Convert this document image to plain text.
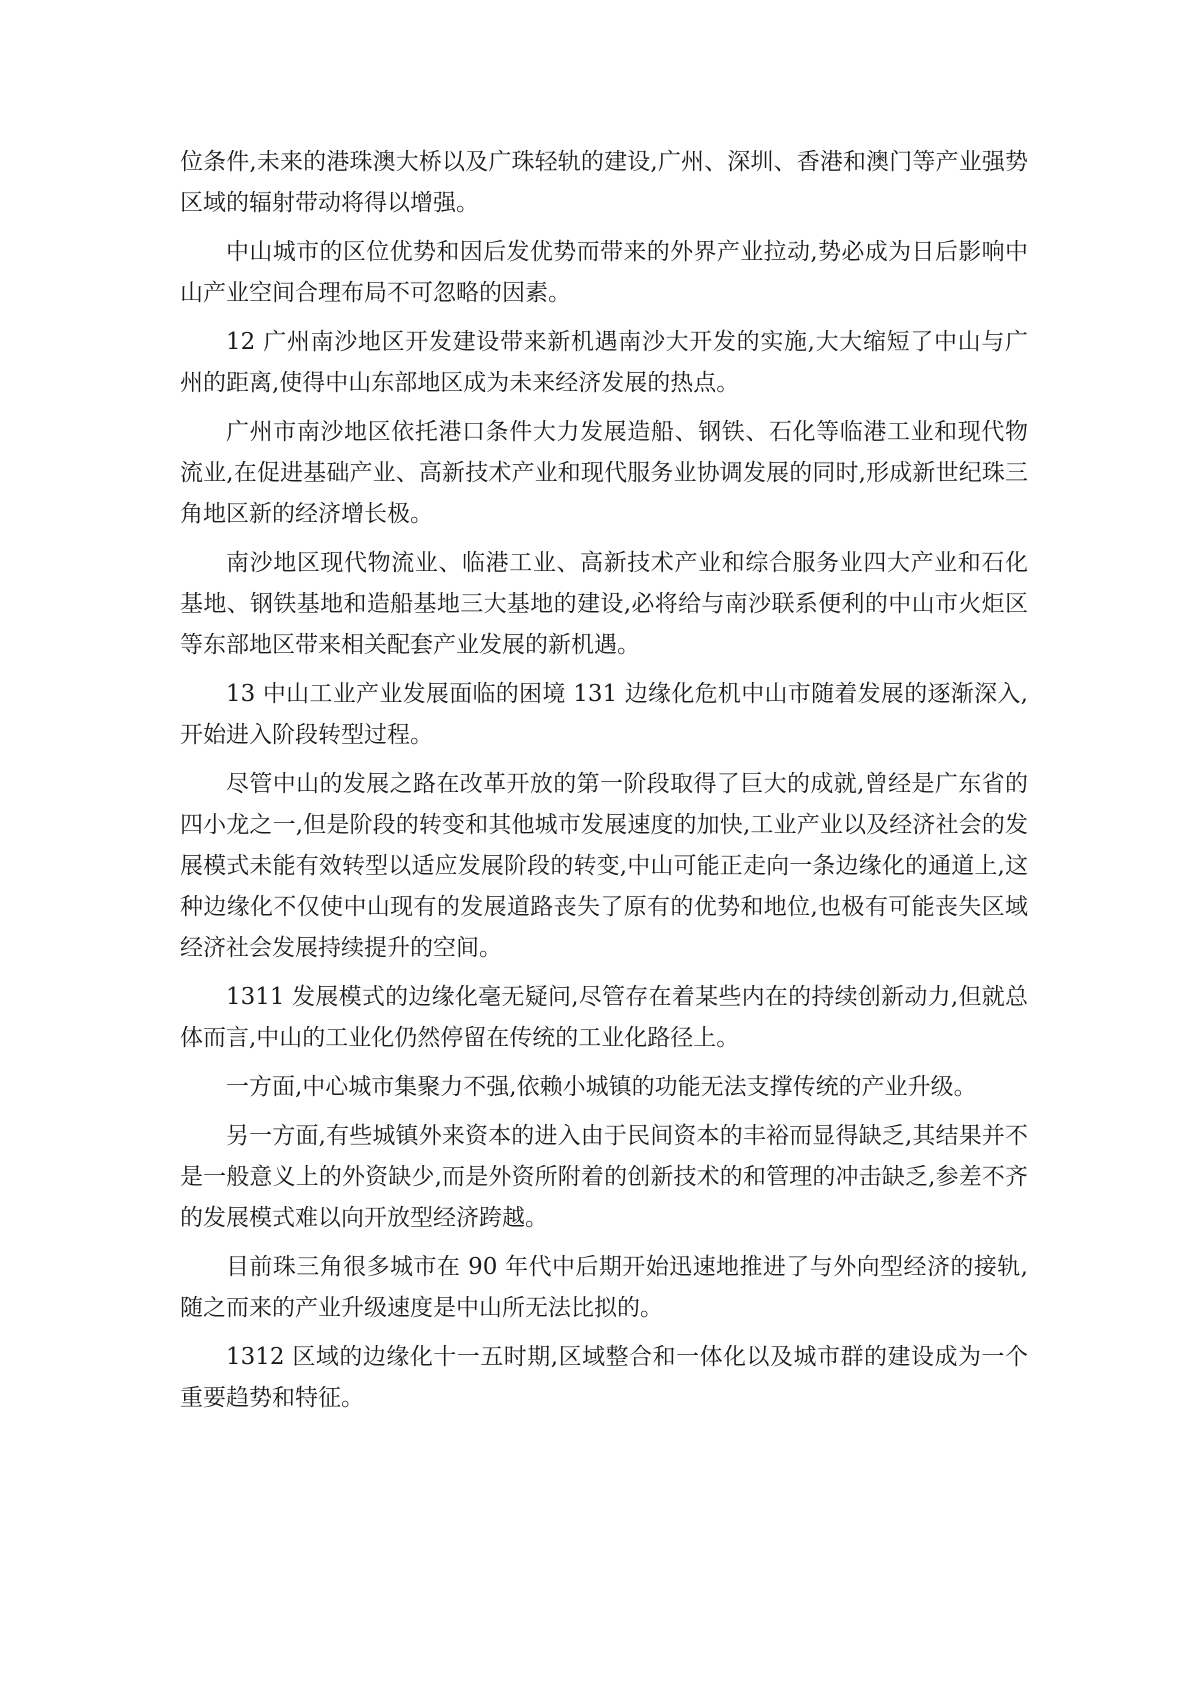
位条件,未来的港珠澳大桥以及广珠轻轨的建设,广州、深圳、香港和澳门等产业强势区域的辐射带动将得以增强。

中山城市的区位优势和因后发优势而带来的外界产业拉动,势必成为日后影响中山产业空间合理布局不可忽略的因素。

12 广州南沙地区开发建设带来新机遇南沙大开发的实施,大大缩短了中山与广州的距离,使得中山东部地区成为未来经济发展的热点。

广州市南沙地区依托港口条件大力发展造船、钢铁、石化等临港工业和现代物流业,在促进基础产业、高新技术产业和现代服务业协调发展的同时,形成新世纪珠三角地区新的经济增长极。

南沙地区现代物流业、临港工业、高新技术产业和综合服务业四大产业和石化基地、钢铁基地和造船基地三大基地的建设,必将给与南沙联系便利的中山市火炬区等东部地区带来相关配套产业发展的新机遇。

13 中山工业产业发展面临的困境 131 边缘化危机中山市随着发展的逐渐深入,开始进入阶段转型过程。

尽管中山的发展之路在改革开放的第一阶段取得了巨大的成就,曾经是广东省的四小龙之一,但是阶段的转变和其他城市发展速度的加快,工业产业以及经济社会的发展模式未能有效转型以适应发展阶段的转变,中山可能正走向一条边缘化的通道上,这种边缘化不仅使中山现有的发展道路丧失了原有的优势和地位,也极有可能丧失区域经济社会发展持续提升的空间。

1311 发展模式的边缘化毫无疑问,尽管存在着某些内在的持续创新动力,但就总体而言,中山的工业化仍然停留在传统的工业化路径上。

一方面,中心城市集聚力不强,依赖小城镇的功能无法支撑传统的产业升级。

另一方面,有些城镇外来资本的进入由于民间资本的丰裕而显得缺乏,其结果并不是一般意义上的外资缺少,而是外资所附着的创新技术的和管理的冲击缺乏,参差不齐的发展模式难以向开放型经济跨越。

目前珠三角很多城市在 90 年代中后期开始迅速地推进了与外向型经济的接轨,随之而来的产业升级速度是中山所无法比拟的。

1312 区域的边缘化十一五时期,区域整合和一体化以及城市群的建设成为一个重要趋势和特征。
